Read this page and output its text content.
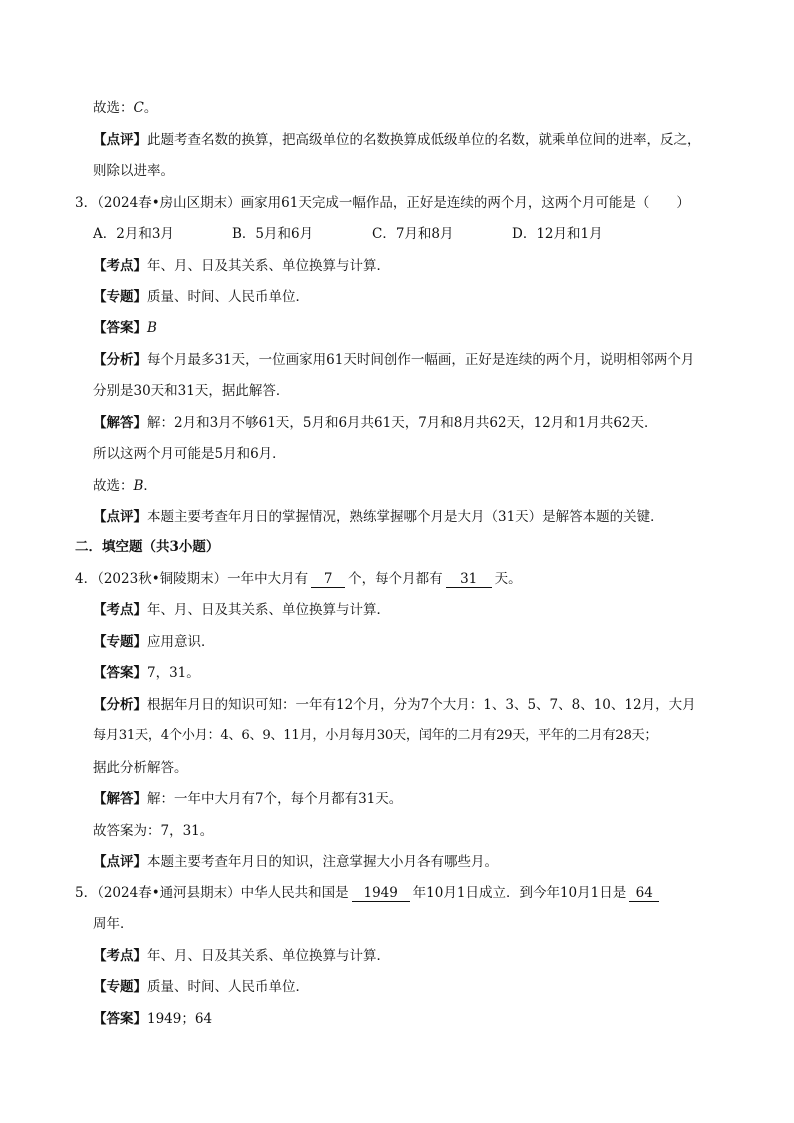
故选：C。
【点评】此题考查名数的换算，把高级单位的名数换算成低级单位的名数，就乘单位间的进率，反之，
则除以进率。
3．（2024春•房山区期末）画家用61天完成一幅作品，正好是连续的两个月，这两个月可能是（　　）
A．2月和3月	B．5月和6月	C．7月和8月	D．12月和1月
【考点】年、月、日及其关系、单位换算与计算．
【专题】质量、时间、人民币单位．
【答案】B
【分析】每个月最多31天，一位画家用61天时间创作一幅画，正好是连续的两个月，说明相邻两个月
分别是30天和31天，据此解答．
【解答】解：2月和3月不够61天，5月和6月共61天，7月和8月共62天，12月和1月共62天．
所以这两个月可能是5月和6月．
故选：B．
【点评】本题主要考查年月日的掌握情况，熟练掌握哪个月是大月（31天）是解答本题的关键．
二．填空题（共3小题）
4．（2023秋•铜陵期末）一年中大月有 7 个，每个月都有 31 天。
【考点】年、月、日及其关系、单位换算与计算．
【专题】应用意识．
【答案】7，31。
【分析】根据年月日的知识可知：一年有12个月，分为7个大月：1、3、5、7、8、10、12月，大月
每月31天，4个小月：4、6、9、11月，小月每月30天，闰年的二月有29天，平年的二月有28天；
据此分析解答。
【解答】解：一年中大月有7个，每个月都有31天。
故答案为：7，31。
【点评】本题主要考查年月日的知识，注意掌握大小月各有哪些月。
5．（2024春•通河县期末）中华人民共和国是 1949 年10月1日成立．到今年10月1日是 64
周年．
【考点】年、月、日及其关系、单位换算与计算．
【专题】质量、时间、人民币单位．
【答案】1949；64
